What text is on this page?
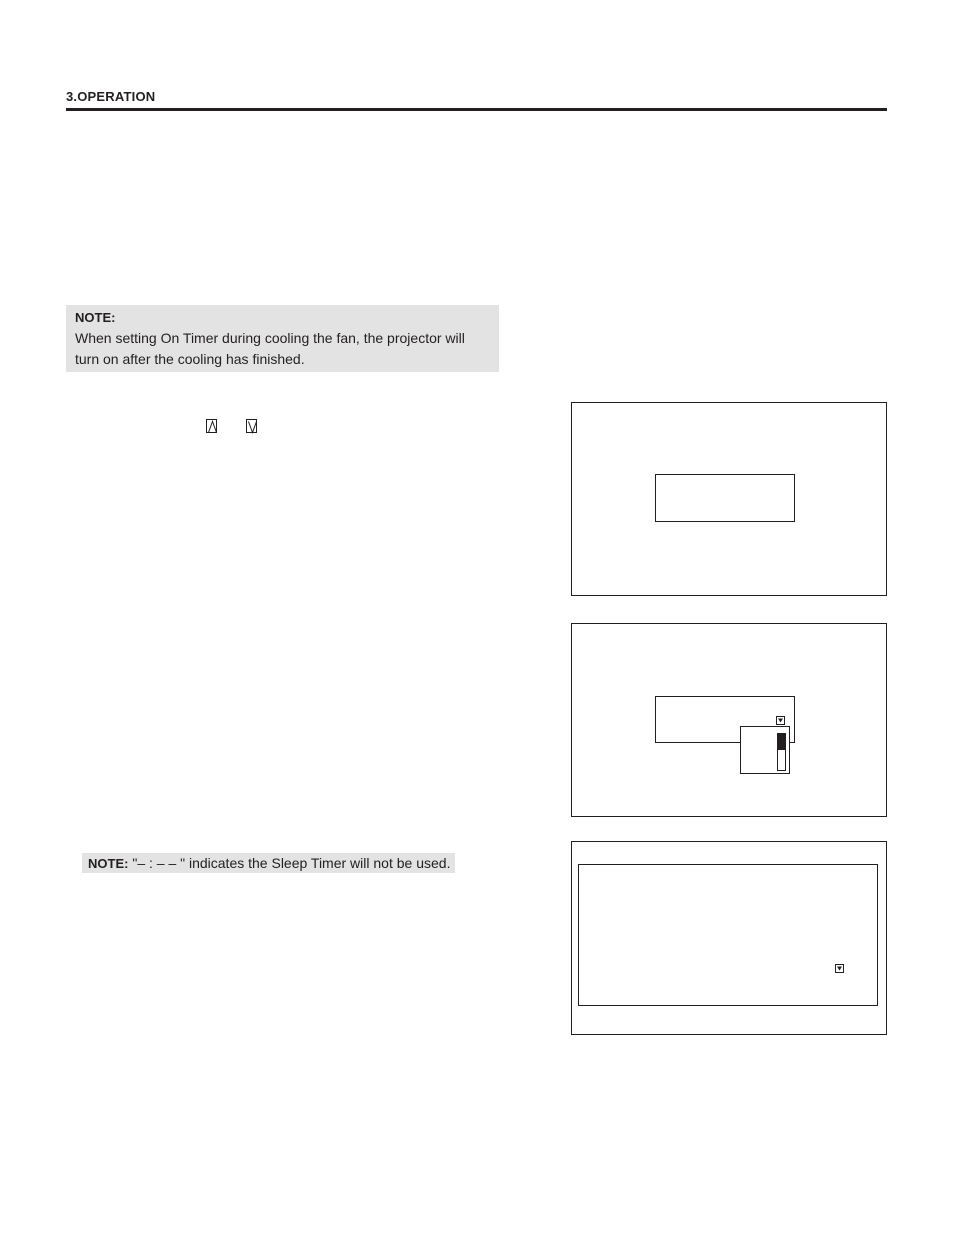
3.OPERATION
NOTE:
When setting On Timer during cooling the fan, the projector will turn on after the cooling has finished.
NOTE: "– : – – " indicates the Sleep Timer will not be used.
